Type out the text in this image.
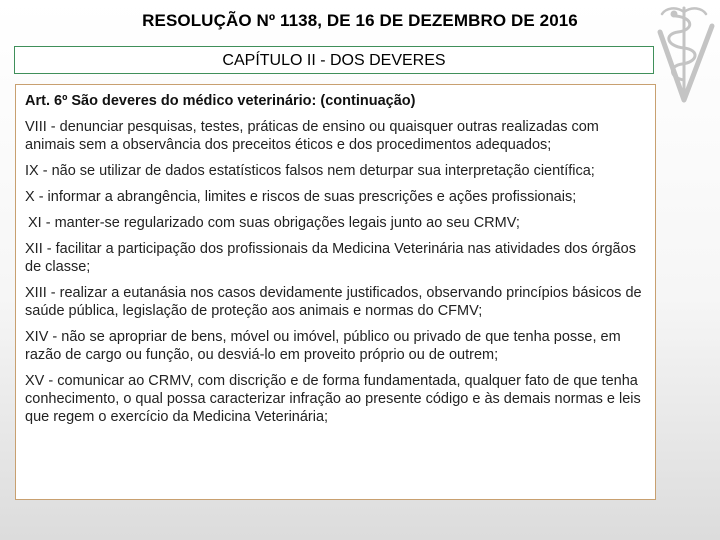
RESOLUÇÃO Nº 1138, DE 16 DE DEZEMBRO DE 2016
CAPÍTULO II - DOS DEVERES
Art. 6º São deveres do médico veterinário: (continuação)
VIII - denunciar pesquisas, testes, práticas de ensino ou quaisquer outras realizadas com animais sem a observância dos preceitos éticos e dos procedimentos adequados;
IX - não se utilizar de dados estatísticos falsos nem deturpar sua interpretação científica;
X - informar a abrangência, limites e riscos de suas prescrições e ações profissionais;
XI - manter-se regularizado com suas obrigações legais junto ao seu CRMV;
XII - facilitar a participação dos profissionais da Medicina Veterinária nas atividades dos órgãos de classe;
XIII - realizar a eutanásia nos casos devidamente justificados, observando princípios básicos de saúde pública, legislação de proteção aos animais e normas do CFMV;
XIV - não se apropriar de bens, móvel ou imóvel, público ou privado de que tenha posse, em razão de cargo ou função, ou desviá-lo em proveito próprio ou de outrem;
XV - comunicar ao CRMV, com discrição e de forma fundamentada, qualquer fato de que tenha conhecimento, o qual possa caracterizar infração ao presente código e às demais normas e leis que regem o exercício da Medicina Veterinária;
